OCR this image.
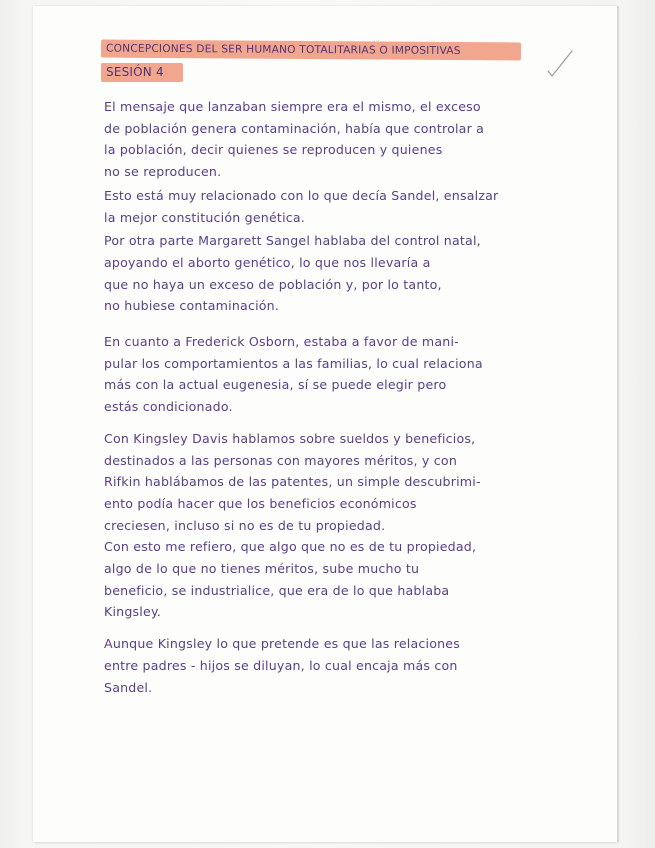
CONCEPCIONES DEL SER HUMANO TOTALITARIAS O IMPOSITIVAS
SESIÓN 4
El mensaje que lanzaban siempre era el mismo, el exceso
de población genera contaminación, había que controlar a
la población, decir quienes se reproducen y quienes
no se reproducen.
Esto está muy relacionado con lo que decía Sandel, ensalzar
la mejor constitución genética.
Por otra parte Margarett Sangel hablaba del control natal,
apoyando el aborto genético, lo que nos llevaría a
que no haya un exceso de población y, por lo tanto,
no hubiese contaminación.
En cuanto a Frederick Osborn, estaba a favor de mani-
pular los comportamientos a las familias, lo cual relaciona
más con la actual eugenesia, sí se puede elegir pero
estás condicionado.
Con Kingsley Davis hablamos sobre sueldos y beneficios,
destinados a las personas con mayores méritos, y con
Rifkin hablábamos de las patentes, un simple descubrimi-
ento podía hacer que los beneficios económicos
creciesen, incluso si no es de tu propiedad.
Con esto me refiero, que algo que no es de tu propiedad,
algo de lo que no tienes méritos, sube mucho tu
beneficio, se industrialice, que era de lo que hablaba
Kingsley.
Aunque Kingsley lo que pretende es que las relaciones
entre padres - hijos se diluyan, lo cual encaja más con
Sandel.
